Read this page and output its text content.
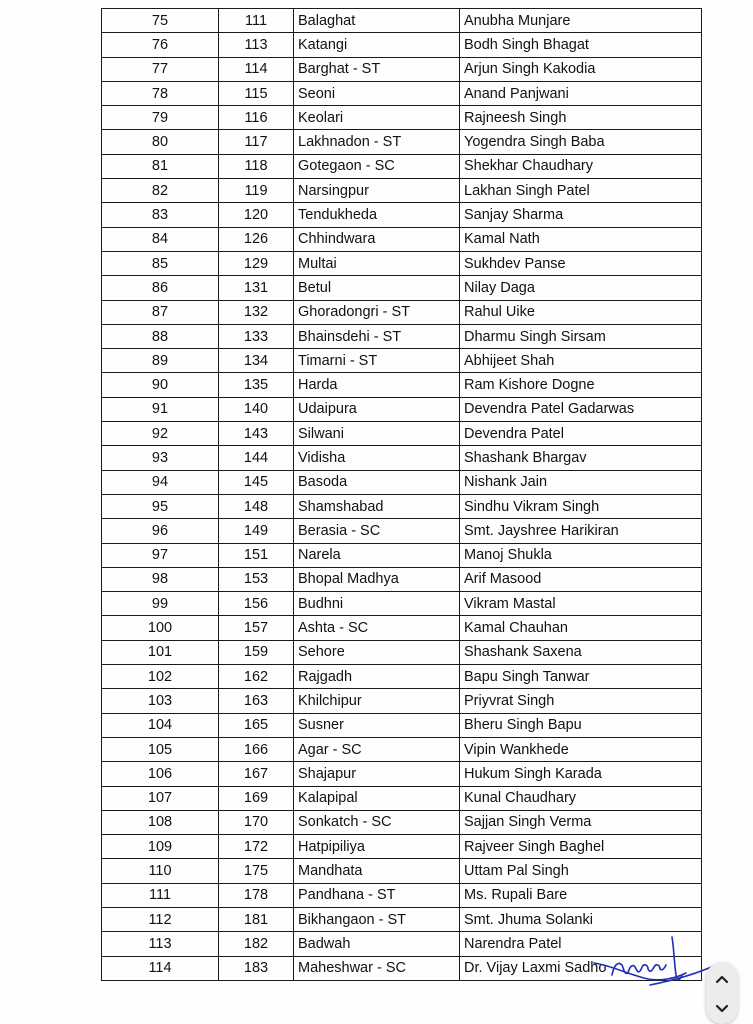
75	111	Balaghat	Anubha Munjare
76	113	Katangi	Bodh Singh Bhagat
77	114	Barghat - ST	Arjun Singh Kakodia
78	115	Seoni	Anand Panjwani
79	116	Keolari	Rajneesh Singh
80	117	Lakhnadon - ST	Yogendra Singh Baba
81	118	Gotegaon - SC	Shekhar Chaudhary
82	119	Narsingpur	Lakhan Singh Patel
83	120	Tendukheda	Sanjay Sharma
84	126	Chhindwara	Kamal Nath
85	129	Multai	Sukhdev Panse
86	131	Betul	Nilay Daga
87	132	Ghoradongri - ST	Rahul Uike
88	133	Bhainsdehi - ST	Dharmu Singh Sirsam
89	134	Timarni - ST	Abhijeet Shah
90	135	Harda	Ram Kishore Dogne
91	140	Udaipura	Devendra Patel Gadarwas
92	143	Silwani	Devendra Patel
93	144	Vidisha	Shashank Bhargav
94	145	Basoda	Nishank Jain
95	148	Shamshabad	Sindhu Vikram Singh
96	149	Berasia - SC	Smt. Jayshree Harikiran
97	151	Narela	Manoj Shukla
98	153	Bhopal Madhya	Arif Masood
99	156	Budhni	Vikram Mastal
100	157	Ashta - SC	Kamal Chauhan
101	159	Sehore	Shashank Saxena
102	162	Rajgadh	Bapu Singh Tanwar
103	163	Khilchipur	Priyvrat Singh
104	165	Susner	Bheru Singh Bapu
105	166	Agar - SC	Vipin Wankhede
106	167	Shajapur	Hukum Singh Karada
107	169	Kalapipal	Kunal Chaudhary
108	170	Sonkatch - SC	Sajjan Singh Verma
109	172	Hatpipiliya	Rajveer Singh Baghel
110	175	Mandhata	Uttam Pal Singh
111	178	Pandhana - ST	Ms. Rupali Bare
112	181	Bikhangaon - ST	Smt. Jhuma Solanki
113	182	Badwah	Narendra Patel
114	183	Maheshwar - SC	Dr. Vijay Laxmi Sadho
